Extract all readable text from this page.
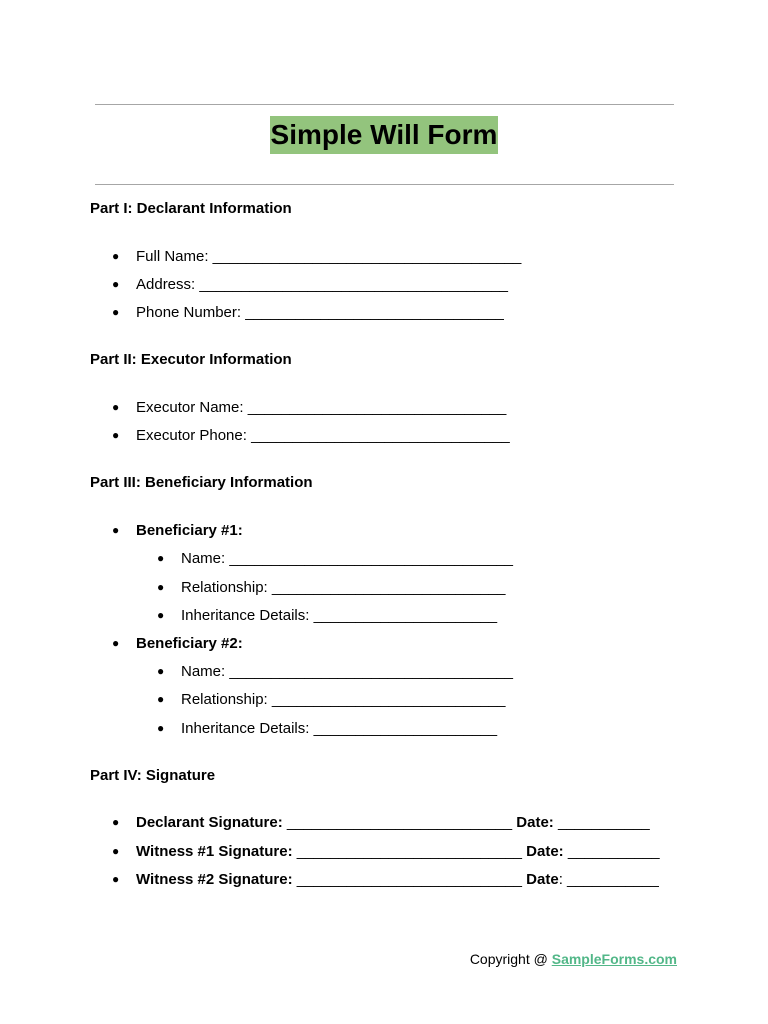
Simple Will Form
Part I: Declarant Information
● Full Name: _____________________________________
● Address: _____________________________________
● Phone Number: _______________________________
Part II: Executor Information
● Executor Name: _______________________________
● Executor Phone: _______________________________
Part III: Beneficiary Information
● Beneficiary #1:
● Name: __________________________________
● Relationship: ____________________________
● Inheritance Details: ______________________
● Beneficiary #2:
● Name: __________________________________
● Relationship: ____________________________
● Inheritance Details: ______________________
Part IV: Signature
● Declarant Signature: ___________________________ Date: ___________
● Witness #1 Signature: ___________________________ Date: ___________
● Witness #2 Signature: ___________________________ Date: ___________
Copyright @ SampleForms.com
